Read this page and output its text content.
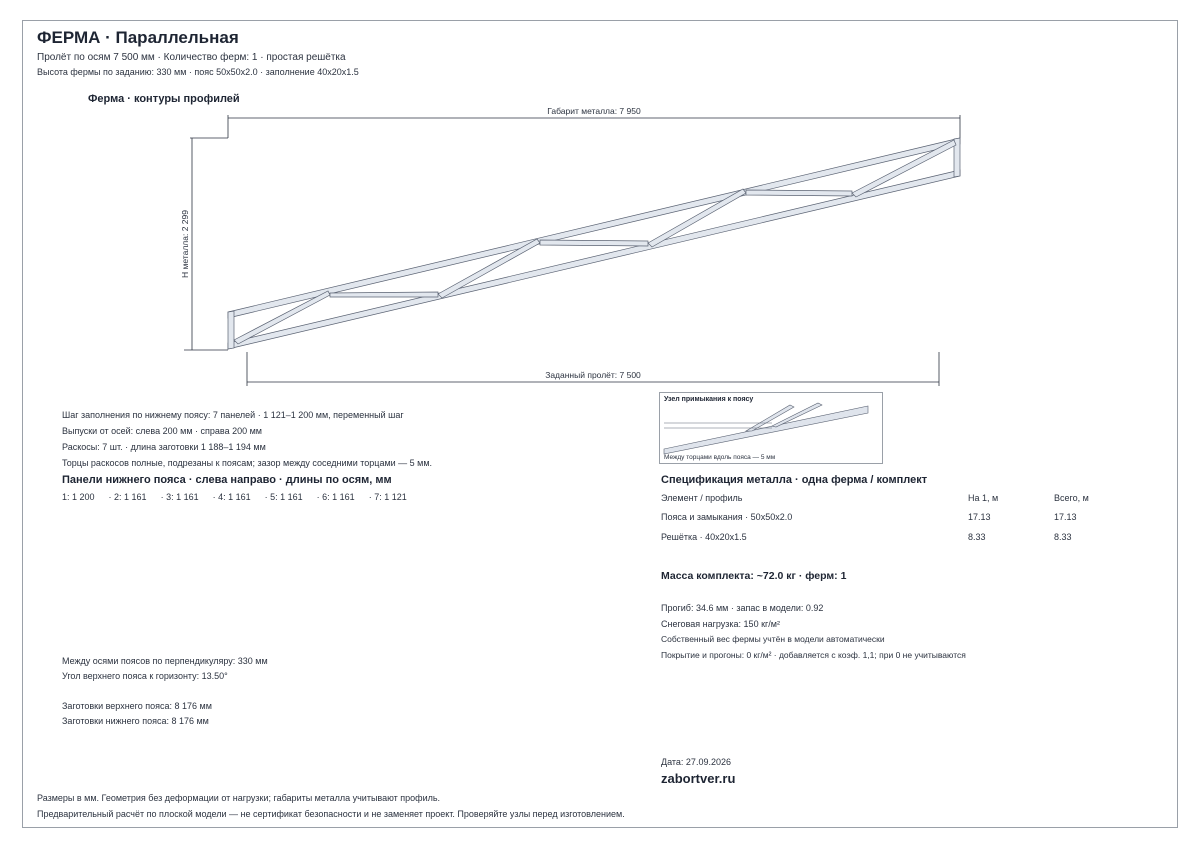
ФЕРМА · Параллельная
Пролёт по осям 7 500 мм · Количество ферм: 1 · простая решётка
Высота фермы по заданию: 330 мм · пояс 50x50x2.0 · заполнение 40x20x1.5
Ферма · контуры профилей
Габарит металла: 7 950
H металла: 2 299
Заданный пролёт: 7 500
Шаг заполнения по нижнему поясу: 7 панелей · 1 121–1 200 мм, переменный шаг
Выпуски от осей: слева 200 мм · справа 200 мм
Раскосы: 7 шт. · длина заготовки 1 188–1 194 мм
Торцы раскосов полные, подрезаны к поясам; зазор между соседними торцами — 5 мм.
Панели нижнего пояса · слева направо · длины по осям, мм
1: 1 200 · 2: 1 161 · 3: 1 161 · 4: 1 161 · 5: 1 161 · 6: 1 161 · 7: 1 121
Между осями поясов по перпендикуляру: 330 мм
Угол верхнего пояса к горизонту: 13.50°
Заготовки верхнего пояса: 8 176 мм
Заготовки нижнего пояса: 8 176 мм
Узел примыкания к поясу
Между торцами вдоль пояса — 5 мм
Спецификация металла · одна ферма / комплект
Элемент / профиль	На 1, м	Всего, м
Пояса и замыкания · 50x50x2.0	17.13	17.13
Решётка · 40x20x1.5	8.33	8.33
Масса комплекта: ~72.0 кг · ферм: 1
Прогиб: 34.6 мм · запас в модели: 0.92
Снеговая нагрузка: 150 кг/м²
Собственный вес фермы учтён в модели автоматически
Покрытие и прогоны: 0 кг/м² · добавляется с коэф. 1,1; при 0 не учитываются
Дата: 27.09.2026
zabortver.ru
Размеры в мм. Геометрия без деформации от нагрузки; габариты металла учитывают профиль.
Предварительный расчёт по плоской модели — не сертификат безопасности и не заменяет проект. Проверяйте узлы перед изготовлением.
